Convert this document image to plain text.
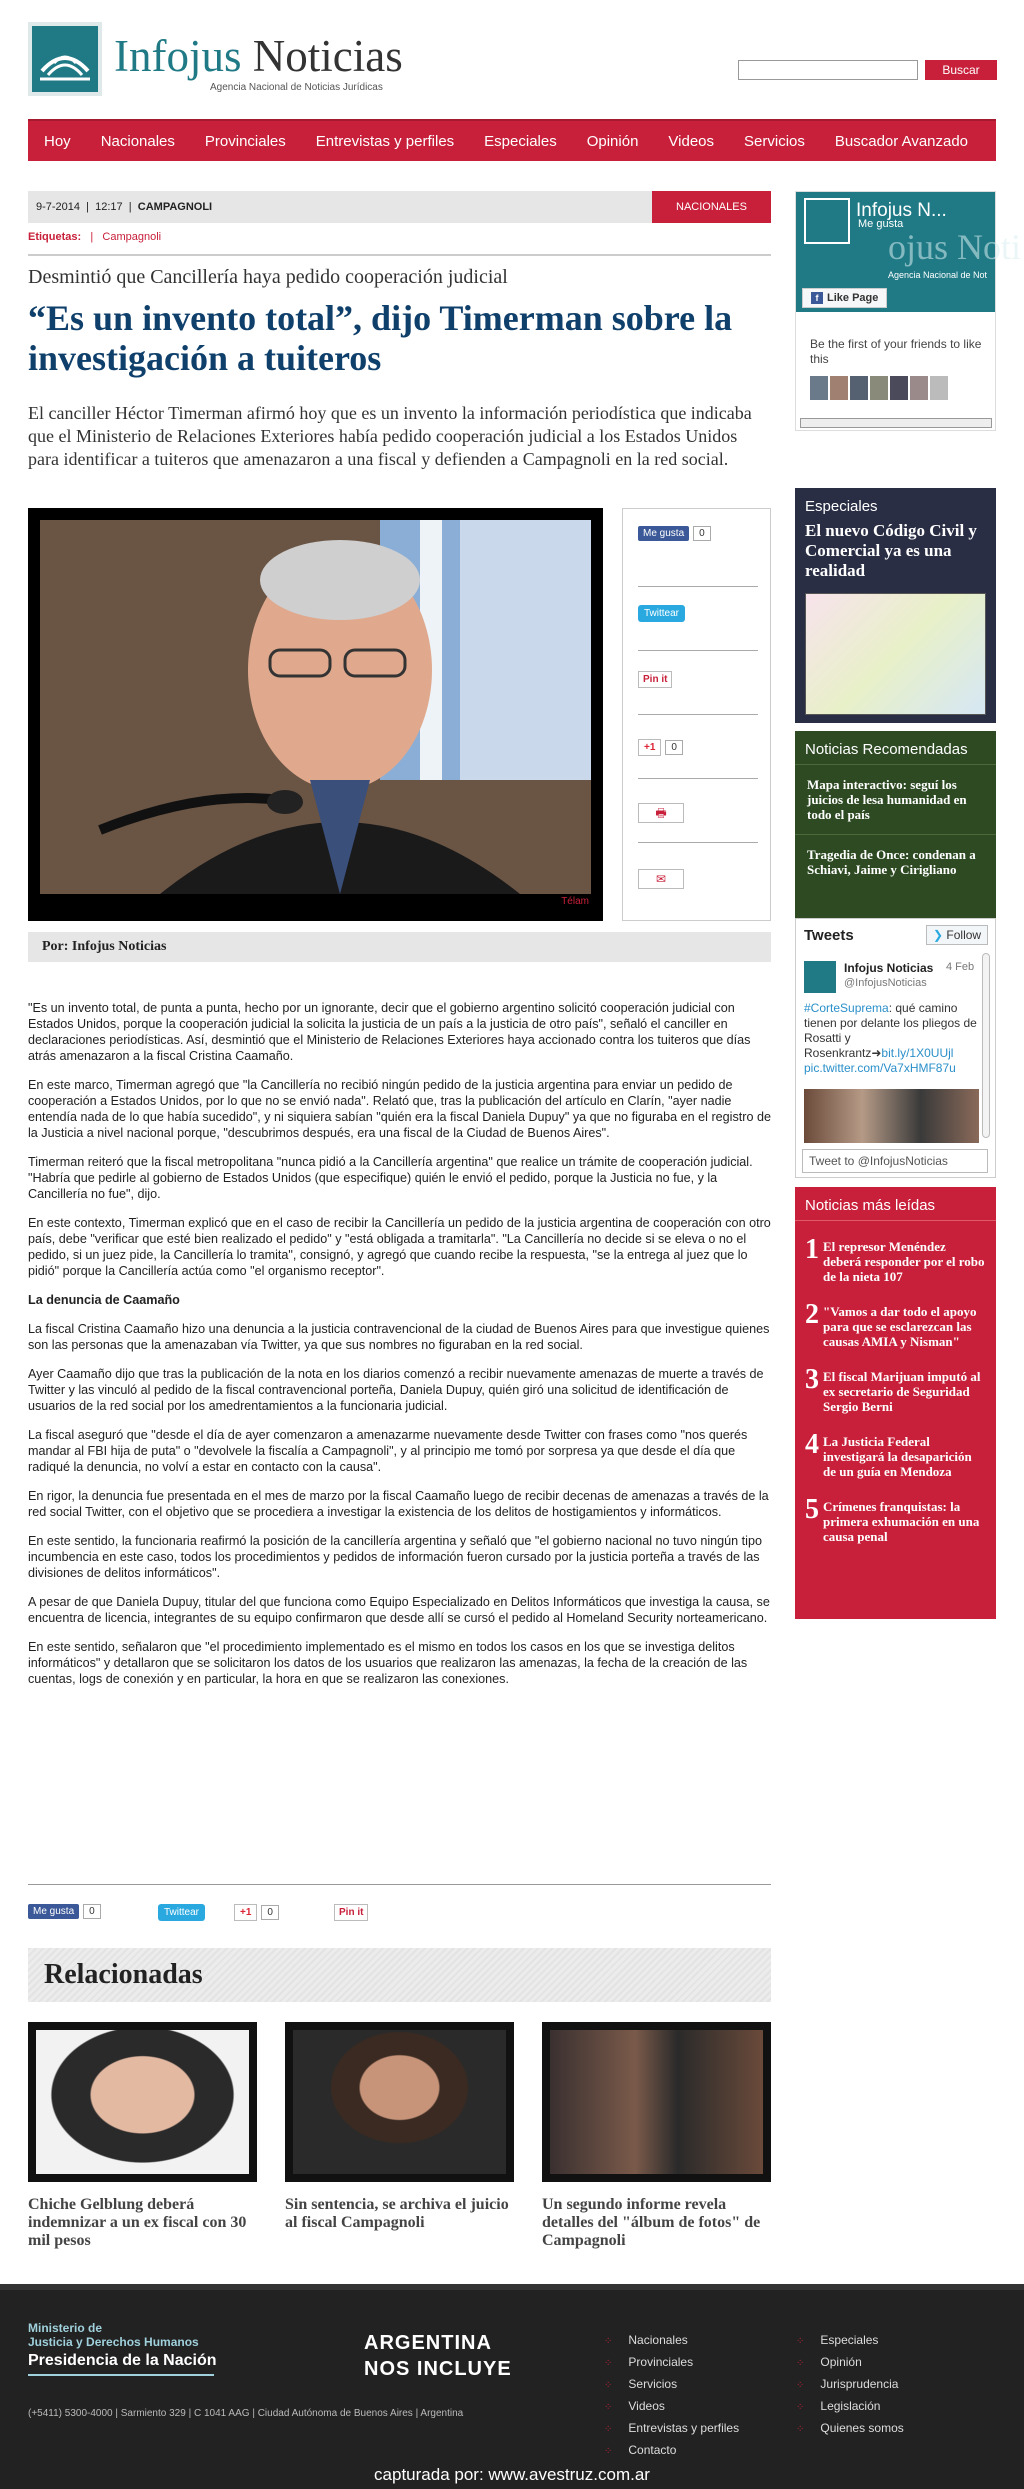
Infojus Noticias
Agencia Nacional de Noticias Jurídicas
Buscar
Hoy	Nacionales	Provinciales	Entrevistas y perfiles	Especiales	Opinión	Videos	Servicios	Buscador Avanzado
9-7-2014  |  12:17  |  CAMPAGNOLI	NACIONALES
Etiquetas:   |   Campagnoli
Desmintió que Cancillería haya pedido cooperación judicial
“Es un invento total”, dijo Timerman sobre la investigación a tuiteros
El canciller Héctor Timerman afirmó hoy que es un invento la información periodística que indicaba que el Ministerio de Relaciones Exteriores había pedido cooperación judicial a los Estados Unidos para identificar a tuiteros que amenazaron a una fiscal y defienden a Campagnoli en la red social.
Télam
Me gusta 0
Twittear
Pin it
+1 0
🖶
✉
Por: Infojus Noticias

"Es un invento total, de punta a punta, hecho por un ignorante, decir que el gobierno argentino solicitó cooperación judicial con Estados Unidos, porque la cooperación judicial la solicita la justicia de un país a la justicia de otro país", señaló el canciller en declaraciones periodísticas. Así, desmintió que el Ministerio de Relaciones Exteriores haya accionado contra los tuiteros que días atrás amenazaron a la fiscal Cristina Caamaño.

En este marco, Timerman agregó que "la Cancillería no recibió ningún pedido de la justicia argentina para enviar un pedido de cooperación a Estados Unidos, por lo que no se envió nada". Relató que, tras la publicación del artículo en Clarín, "ayer nadie entendía nada de lo que había sucedido", y ni siquiera sabían "quién era la fiscal Daniela Dupuy" ya que no figuraba en el registro de la Justicia a nivel nacional porque, "descubrimos después, era una fiscal de la Ciudad de Buenos Aires".

Timerman reiteró que la fiscal metropolitana "nunca pidió a la Cancillería argentina" que realice un trámite de cooperación judicial. "Habría que pedirle al gobierno de Estados Unidos (que especifique) quién le envió el pedido, porque la Justicia no fue, y la Cancillería no fue", dijo.

En este contexto, Timerman explicó que en el caso de recibir la Cancillería un pedido de la justicia argentina de cooperación con otro país, debe "verificar que esté bien realizado el pedido" y "está obligada a tramitarla". "La Cancillería no decide si se eleva o no el pedido, si un juez pide, la Cancillería lo tramita", consignó, y agregó que cuando recibe la respuesta, "se la entrega al juez que lo pidió" porque la Cancillería actúa como "el organismo receptor".

La denuncia de Caamaño

La fiscal Cristina Caamaño hizo una denuncia a la justicia contravencional de la ciudad de Buenos Aires para que investigue quienes son las personas que la amenazaban vía Twitter, ya que sus nombres no figuraban en la red social.

Ayer Caamaño dijo que tras la publicación de la nota en los diarios comenzó a recibir nuevamente amenazas de muerte a través de Twitter y las vinculó al pedido de la fiscal contravencional porteña, Daniela Dupuy, quién giró una solicitud de identificación de usuarios de la red social por los amedrentamientos a la funcionaria judicial.

La fiscal aseguró que "desde el día de ayer comenzaron a amenazarme nuevamente desde Twitter con frases como "nos querés mandar al FBI hija de puta" o "devolvele la fiscalía a Campagnoli", y al principio me tomó por sorpresa ya que desde el día que radiqué la denuncia, no volví a estar en contacto con la causa".

En rigor, la denuncia fue presentada en el mes de marzo por la fiscal Caamaño luego de recibir decenas de amenazas a través de la red social Twitter, con el objetivo que se procediera a investigar la existencia de los delitos de hostigamientos y informáticos.

En este sentido, la funcionaria reafirmó la posición de la cancillería argentina y señaló que "el gobierno nacional no tuvo ningún tipo incumbencia en este caso, todos los procedimientos y pedidos de información fueron cursado por la justicia porteña a través de las divisiones de delitos informáticos".

A pesar de que Daniela Dupuy, titular del que funciona como Equipo Especializado en Delitos Informáticos que investiga la causa, se encuentra de licencia, integrantes de su equipo confirmaron que desde allí se cursó el pedido al Homeland Security norteamericano.

En este sentido, señalaron que "el procedimiento implementado es el mismo en todos los casos en los que se investiga delitos informáticos" y detallaron que se solicitaron los datos de los usuarios que realizaron las amenazas, la fecha de la creación de las cuentas, logs de conexión y en particular, la hora en que se realizaron las conexiones.

Me gusta 0	Twittear	+1 0	Pin it
Relacionadas
Chiche Gelblung deberá indemnizar a un ex fiscal con 30 mil pesos
Sin sentencia, se archiva el juicio al fiscal Campagnoli
Un segundo informe revela detalles del "álbum de fotos" de Campagnoli
Infojus N...
Me gusta
ojus Noti
Agencia Nacional de Not
f Like Page
Be the first of your friends to like this
Especiales
El nuevo Código Civil y Comercial ya es una realidad
Noticias Recomendadas
Mapa interactivo: seguí los juicios de lesa humanidad en todo el país
Tragedia de Once: condenan a Schiavi, Jaime y Cirigliano
Tweets	❯ Follow
Infojus Noticias
@InfojusNoticias
4 Feb
#CorteSuprema: qué camino tienen por delante los pliegos de Rosatti y Rosenkrantz➜bit.ly/1X0UUjl
pic.twitter.com/Va7xHMF87u
Tweet to @InfojusNoticias
Noticias más leídas
1 El represor Menéndez deberá responder por el robo de la nieta 107
2 "Vamos a dar todo el apoyo para que se esclarezcan las causas AMIA y Nisman"
3 El fiscal Marijuan imputó al ex secretario de Seguridad Sergio Berni
4 La Justicia Federal investigará la desaparición de un guía en Mendoza
5 Crímenes franquistas: la primera exhumación en una causa penal
Ministerio de
Justicia y Derechos Humanos
Presidencia de la Nación
ARGENTINA
NOS INCLUYE
(+5411) 5300-4000 | Sarmiento 329 | C 1041 AAG | Ciudad Autónoma de Buenos Aires | Argentina
⁘ Nacionales
⁘ Provinciales
⁘ Servicios
⁘ Videos
⁘ Entrevistas y perfiles
⁘ Contacto
⁘ Especiales
⁘ Opinión
⁘ Jurisprudencia
⁘ Legislación
⁘ Quienes somos
capturada por: www.avestruz.com.ar
